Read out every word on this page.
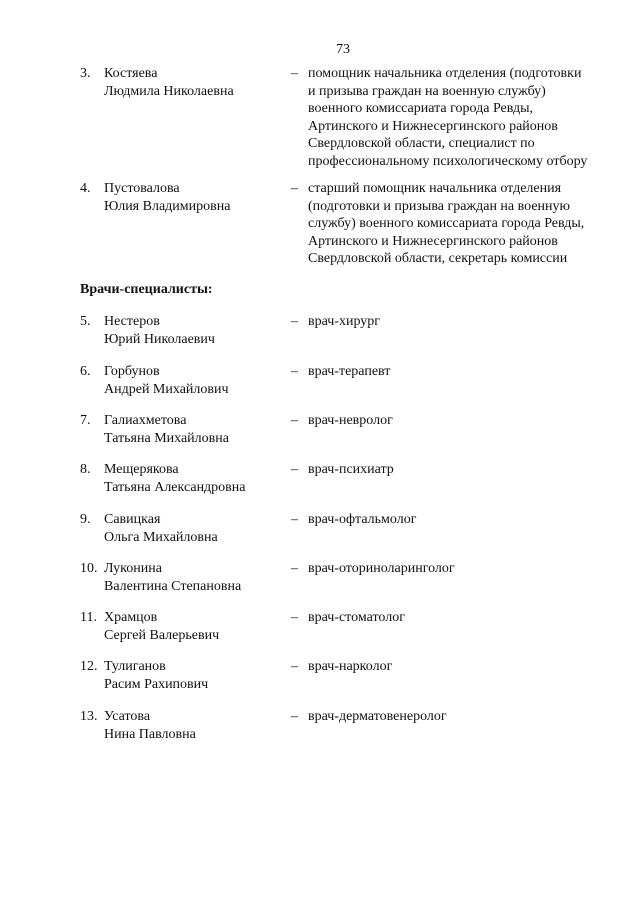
73
3. Костяева
Людмила Николаевна
– помощник начальника отделения (подготовки
и призыва граждан на военную службу)
военного комиссариата города Ревды,
Артинского и Нижнесергинского районов
Свердловской области, специалист по
профессиональному психологическому отбору
4. Пустовалова
Юлия Владимировна
– старший помощник начальника отделения
(подготовки и призыва граждан на военную
службу) военного комиссариата города Ревды,
Артинского и Нижнесергинского районов
Свердловской области, секретарь комиссии
Врачи-специалисты:
5. Нестеров
Юрий Николаевич
– врач-хирург
6. Горбунов
Андрей Михайлович
– врач-терапевт
7. Галиахметова
Татьяна Михайловна
– врач-невролог
8. Мещерякова
Татьяна Александровна
– врач-психиатр
9. Савицкая
Ольга Михайловна
– врач-офтальмолог
10. Луконина
Валентина Степановна
– врач-оториноларинголог
11. Храмцов
Сергей Валерьевич
– врач-стоматолог
12. Тулиганов
Расим Рахипович
– врач-нарколог
13. Усатова
Нина Павловна
– врач-дерматовенеролог
